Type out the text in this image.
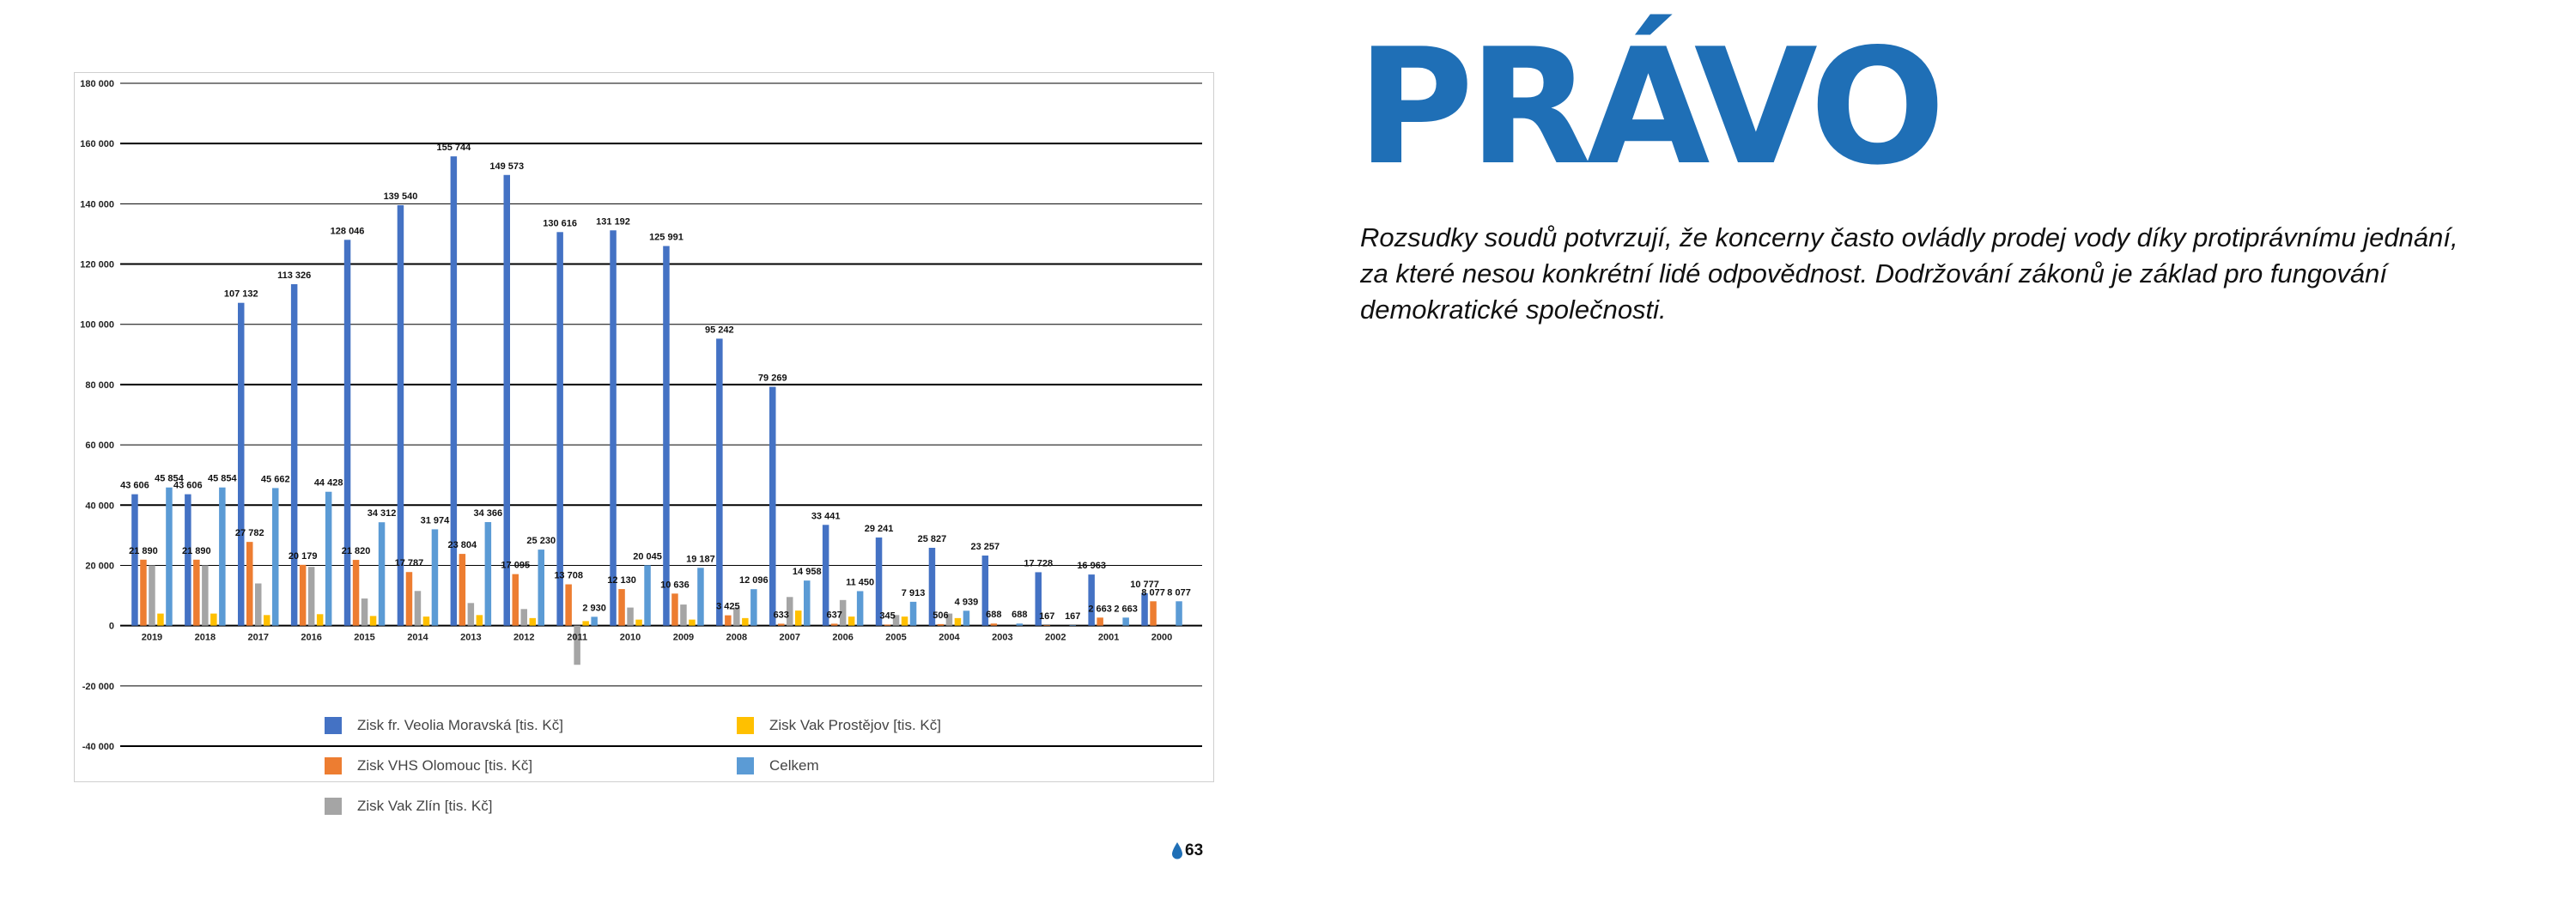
180 000
160 000
140 000
120 000
100 000
80 000
60 000
40 000
20 000
0
-20 000
-40 000
43 606
21 890
45 854
2019
43 606
21 890
45 854
2018
107 132
27 782
45 662
2017
113 326
20 179
44 428
2016
128 046
21 820
34 312
2015
139 540
17 787
31 974
2014
155 744
23 804
34 366
2013
149 573
17 095
25 230
2012
130 616
13 708
2 930
2011
131 192
12 130
20 045
2010
125 991
10 636
19 187
2009
95 242
3 425
12 096
2008
79 269
633
14 958
2007
33 441
637
11 450
2006
29 241
345
7 913
2005
25 827
506
4 939
2004
23 257
688 688
2003
17 728
167 167
2002
16 963
2 663 2 663
2001
10 777
8 077 8 077
2000
Zisk fr. Veolia Moravská [tis. Kč]
Zisk VHS Olomouc [tis. Kč]
Zisk Vak Zlín [tis. Kč]
Zisk Vak Prostějov [tis. Kč]
Celkem
PRÁVO

Rozsudky soudů potvrzují, že koncerny často ovládly prodej vody díky protiprávnímu jednání, za které nesou konkrétní lidé odpovědnost. Dodržování zákonů je základ pro fungování demokratické společnosti.

63
